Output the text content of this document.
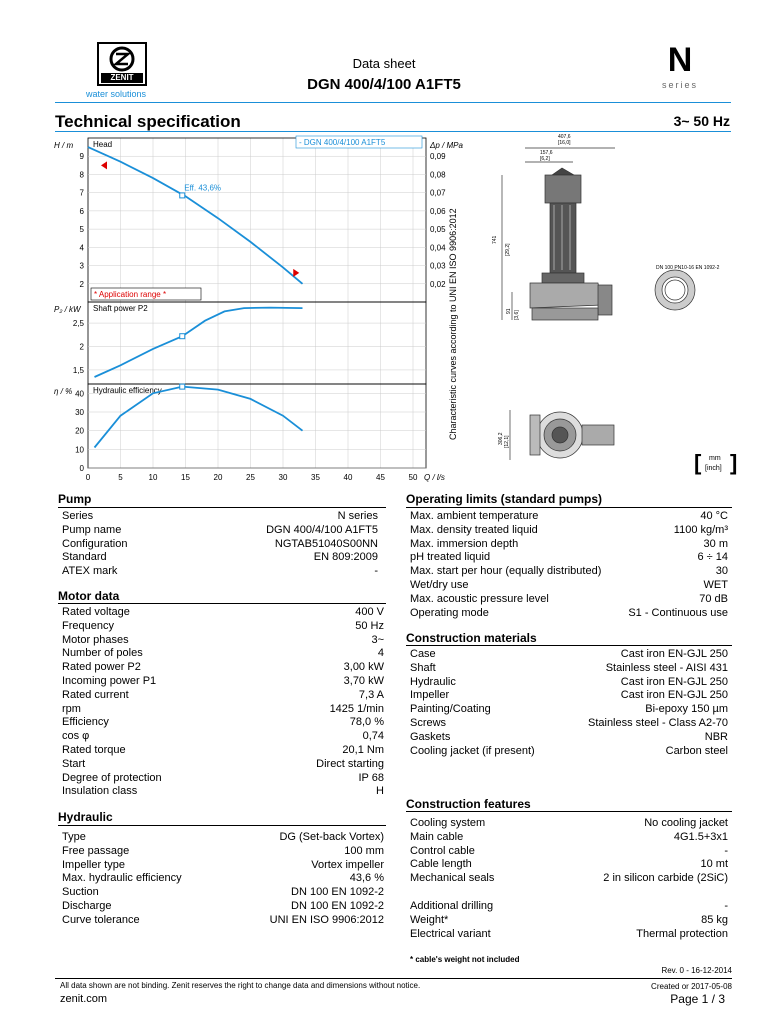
ZENIT
water solutions
Data sheet
DGN 400/4/100 A1FT5
N
series
Technical specification	3~ 50 Hz
2
3
4
5
6
7
8
9
H / m Head
0,02
0,03
0,04
0,05
0,06
0,07
0,08
0,09
Δp / MPa
Eff. 43,6%
* Application range *
1,5
2
2,5
P₂ / kW Shaft power P2
0
10
20
30
40
η / %	Hydraulic efficiency
- DGN 400/4/100 A1FT5
0	5	10	15	20	25	30	35	40	45	50 Q / l/s
Characteristic curves according to UNI EN ISO 9906:2012
407,6
[16,0]
157,6
[6,2]
741
[29,2]
91 [3,6]
306,2 [12,1]
DN 100 PN10-16 EN 1092-2
[ ]
mm
[inch]
Pump
Series	N series
Pump name	DGN 400/4/100 A1FT5
Configuration	NGTAB51040S00NN
Standard	EN 809:2009
ATEX mark	-
Motor data
Rated voltage	400 V
Frequency	50 Hz
Motor phases	3~
Number of poles	4
Rated power P2	3,00 kW
Incoming power P1	3,70 kW
Rated current	7,3 A
rpm	1425 1/min
Efficiency	78,0 %
cos φ	0,74
Rated torque	20,1 Nm
Start	Direct starting
Degree of protection	IP 68
Insulation class	H
Hydraulic
Type	DG (Set-back Vortex)
Free passage	100 mm
Impeller type	Vortex impeller
Max. hydraulic efficiency	43,6 %
Suction	DN 100 EN 1092-2
Discharge	DN 100 EN 1092-2
Curve tolerance	UNI EN ISO 9906:2012
Operating limits (standard pumps)
Max. ambient temperature	40 °C
Max. density treated liquid	1100 kg/m³
Max. immersion depth	30 m
pH treated liquid	6 ÷ 14
Max. start per hour (equally distributed)	30
Wet/dry use	WET
Max. acoustic pressure level	70 dB
Operating mode	S1 - Continuous use
Construction materials
Case	Cast iron EN-GJL 250
Shaft	Stainless steel - AISI 431
Hydraulic	Cast iron EN-GJL 250
Impeller	Cast iron EN-GJL 250
Painting/Coating	Bi-epoxy 150 µm
Screws	Stainless steel - Class A2-70
Gaskets	NBR
Cooling jacket (if present)	Carbon steel
Construction features
Cooling system	No cooling jacket
Main cable	4G1.5+3x1
Control cable	-
Cable length	10 mt
Mechanical seals	2 in silicon carbide (2SiC)
Additional drilling	-
Weight*	85 kg
Electrical variant	Thermal protection
* cable's weight not included
Rev. 0 - 16-12-2014
All data shown are not binding. Zenit reserves the right to change data and dimensions without notice.	Created or 2017-05-08
zenit.com	Page 1 / 3
